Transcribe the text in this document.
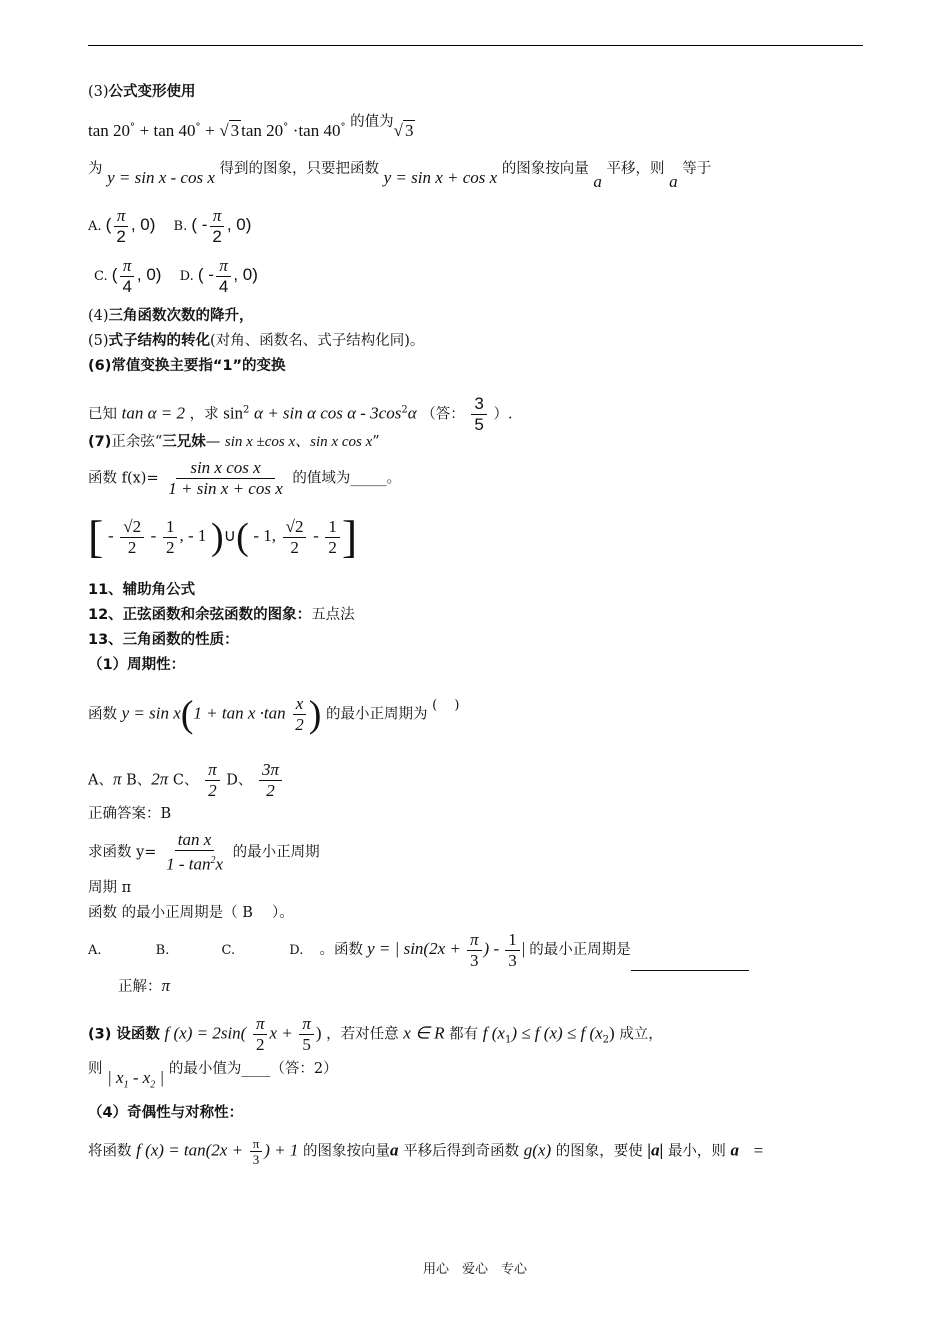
(3)公式变形使用
tan 20° + tan 40° + √ 3 tan 20° ·tan 40° 的值为√ 3
为 y = sin x - cos x 得到的图象，只要把函数 y = sin x + cos x 的图象按向量 a 平移，则 a 等于
A. ( $\frac{\pi}{2}$ , 0) B. ( - $\frac{\pi}{2}$ , 0)
C. ( $\frac{\pi}{4}$ , 0) D. ( - $\frac{\pi}{4}$ , 0)
(4)三角函数次数的降升，
(5)式子结构的转化(对角、函数名、式子结构化同)。
(6)常值变换主要指“1”的变换
已知 tan α = 2 ，求 $\sin^2 \alpha + \sin \alpha$ cos α - $3\cos^2\alpha$ （答： $\frac{3}{5}$ ）.
(7)正余弦“三兄妹— sin x ±cos x、sin x cos x”
函数 $f(x)= \frac{\text{sin x cos x}}{\text{1 + sin x + cos x}}$ 的值域为_____。
[ - $\frac{√2}{2} - \frac{1}{2}$ , - 1 )∪( - 1, $\frac{√2}{2} - \frac{1}{2}$ ]
11、辅助角公式
12、正弦函数和余弦函数的图象：五点法
13、三角函数的性质：
（1）周期性：
函数 $y = \sin x(1 + \tan x \cdot\tan \frac{x}{2}$ ) 的最小正周期为 (　 )
A、π B、2π C、 $\frac{\pi}{2}$ D、 $\frac{3\pi}{2}$
正确答案：B
求函数 $y= \frac{\text{tan x}}{1 - \tan^2x}$ 的最小正周期
周期 π
函数 的最小正周期是（ B　 ）。
A.	B.	C.	D. 。函数 y = | $\sin(2x + \frac{\pi}{3}$ ) - $\frac{1}{3}$ | 的最小正周期是
正解：π
(3) 设函数 f $(x) = 2\sin( \frac{\pi}{2}$ $x + \frac{\pi}{5}$ ) ，若对任意 x ∈ R 都有 f $(x_1) \le f$ (x) ≤ f $(x_2)$ 成立，
则 | $x_1 - x_2$ | 的最小值为____（答：2）
（4）奇偶性与对称性：
将函数 f $(x) = \tan(2x + \frac{\pi}{3}$ ) + 1 的图象按向量a 平移后得到奇函数 g(x) 的图象，要使 |a| 最小，则 a =
用心　爱心　专心
